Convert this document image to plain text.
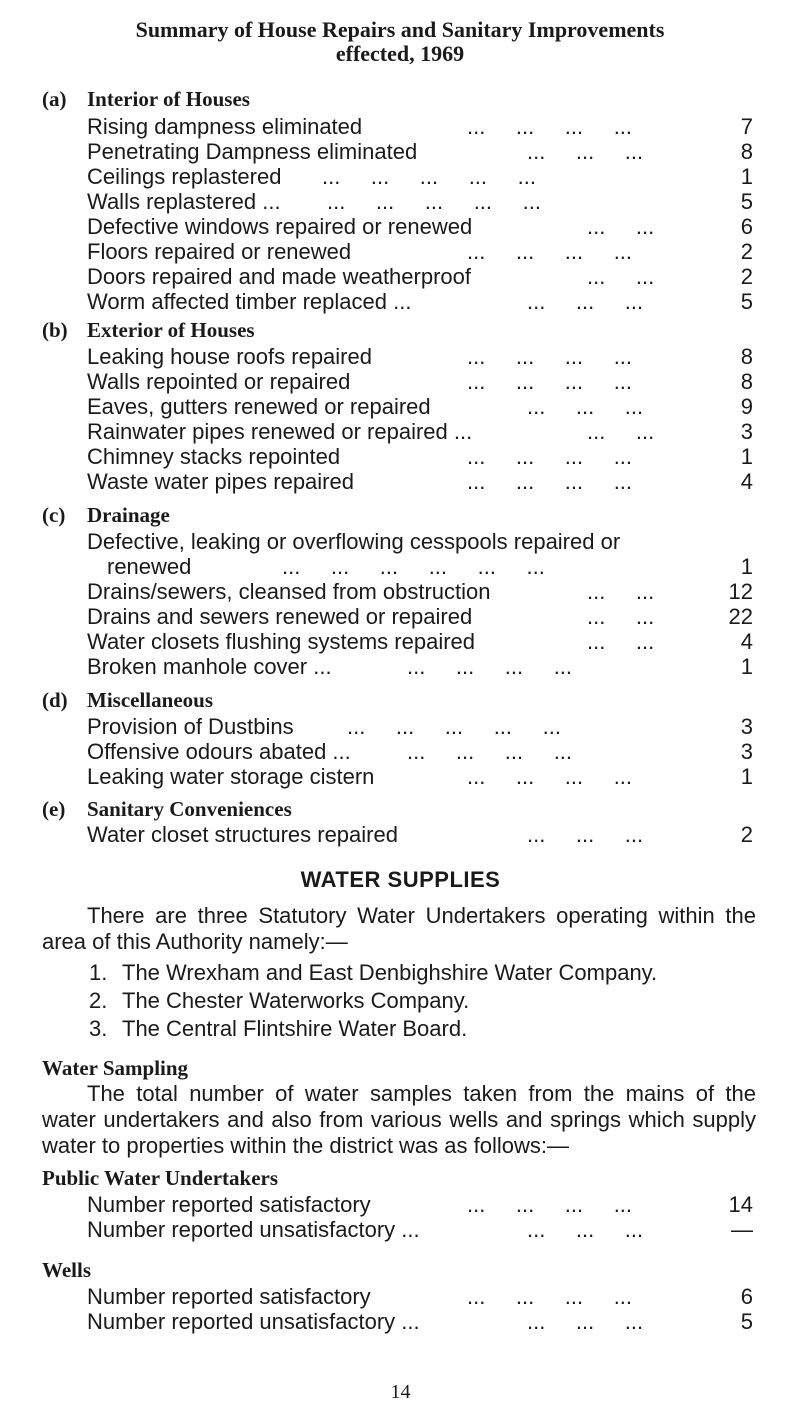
Summary of House Repairs and Sanitary Improvements
effected, 1969
(a) Interior of Houses
Rising dampness eliminated	...     ...     ...     ...	7
Penetrating Dampness eliminated	...     ...     ...	8
Ceilings replastered ...     ...     ...     ...     ...	1
Walls replastered ... ...     ...     ...     ...     ...	5
Defective windows repaired or renewed	...     ...	6
Floors repaired or renewed	...     ...     ...     ...	2
Doors repaired and made weatherproof	...     ...	2
Worm affected timber replaced ...	...     ...     ...	5
(b) Exterior of Houses
Leaking house roofs repaired	...     ...     ...     ...	8
Walls repointed or repaired	...     ...     ...     ...	8
Eaves, gutters renewed or repaired	...     ...     ...	9
Rainwater pipes renewed or repaired ...	...     ...	3
Chimney stacks repointed	...     ...     ...     ...	1
Waste water pipes repaired	...     ...     ...     ...	4
(c) Drainage
Defective, leaking or overflowing cesspools repaired or
renewed	...     ...     ...     ...     ...     ...	1
Drains/sewers, cleansed from obstruction	...     ...	12
Drains and sewers renewed or repaired	...     ...	22
Water closets flushing systems repaired	...     ...	4
Broken manhole cover ...	...     ...     ...     ...	1
(d) Miscellaneous
Provision of Dustbins ...     ...     ...     ...     ...	3
Offensive odours abated ...	...     ...     ...     ...	3
Leaking water storage cistern	...     ...     ...     ...	1
(e) Sanitary Conveniences
Water closet structures repaired	...     ...     ...	2
WATER SUPPLIES
There are three Statutory Water Undertakers operating within the area of this Authority namely:—
1. The Wrexham and East Denbighshire Water Company.
2. The Chester Waterworks Company.
3. The Central Flintshire Water Board.
Water Sampling
The total number of water samples taken from the mains of the water undertakers and also from various wells and springs which supply water to properties within the district was as follows:—
Public Water Undertakers
Number reported satisfactory	...     ...     ...     ...	14
Number reported unsatisfactory ...	...     ...     ...	—
Wells
Number reported satisfactory	...     ...     ...     ...	6
Number reported unsatisfactory ...	...     ...     ...	5
14
